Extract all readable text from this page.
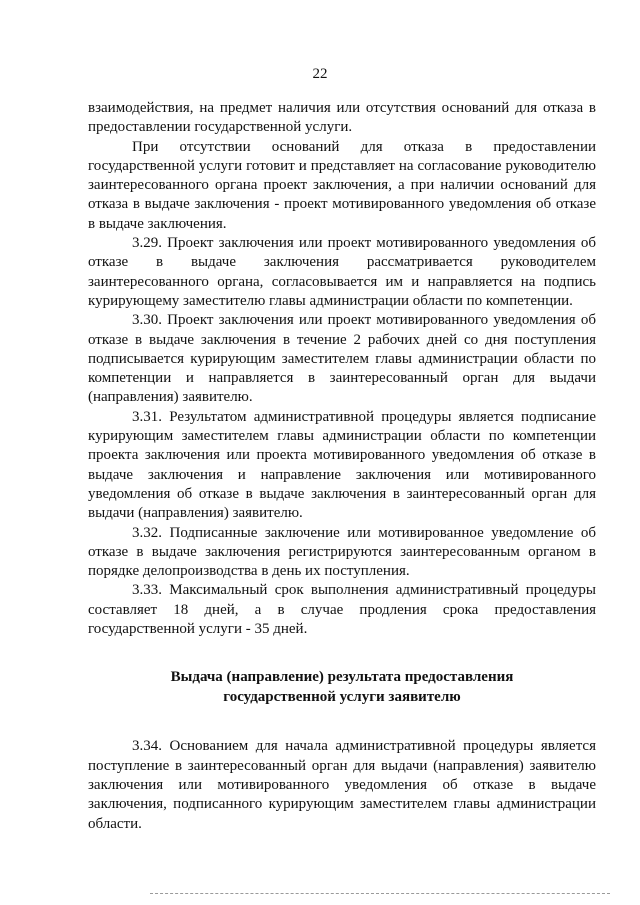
22

взаимодействия, на предмет наличия или отсутствия оснований для отказа в предоставлении государственной услуги.

При отсутствии оснований для отказа в предоставлении государственной услуги готовит и представляет на согласование руководителю заинтересованного органа проект заключения, а при наличии оснований для отказа в выдаче заключения - проект мотивированного уведомления об отказе в выдаче заключения.

3.29. Проект заключения или проект мотивированного уведомления об отказе в выдаче заключения рассматривается руководителем заинтересованного органа, согласовывается им и направляется на подпись курирующему заместителю главы администрации области по компетенции.

3.30. Проект заключения или проект мотивированного уведомления об отказе в выдаче заключения в течение 2 рабочих дней со дня поступления подписывается курирующим заместителем главы администрации области по компетенции и направляется в заинтересованный орган для выдачи (направления) заявителю.

3.31. Результатом административной процедуры является подписание курирующим заместителем главы администрации области по компетенции проекта заключения или проекта мотивированного уведомления об отказе в выдаче заключения и направление заключения или мотивированного уведомления об отказе в выдаче заключения в заинтересованный орган для выдачи (направления) заявителю.

3.32. Подписанные заключение или мотивированное уведомление об отказе в выдаче заключения регистрируются заинтересованным органом в порядке делопроизводства в день их поступления.

3.33. Максимальный срок выполнения административный процедуры составляет 18 дней, а в случае продления срока предоставления государственной услуги - 35 дней.

Выдача (направление) результата предоставления государственной услуги заявителю

3.34. Основанием для начала административной процедуры является поступление в заинтересованный орган для выдачи (направления) заявителю заключения или мотивированного уведомления об отказе в выдаче заключения, подписанного курирующим заместителем главы администрации области.
